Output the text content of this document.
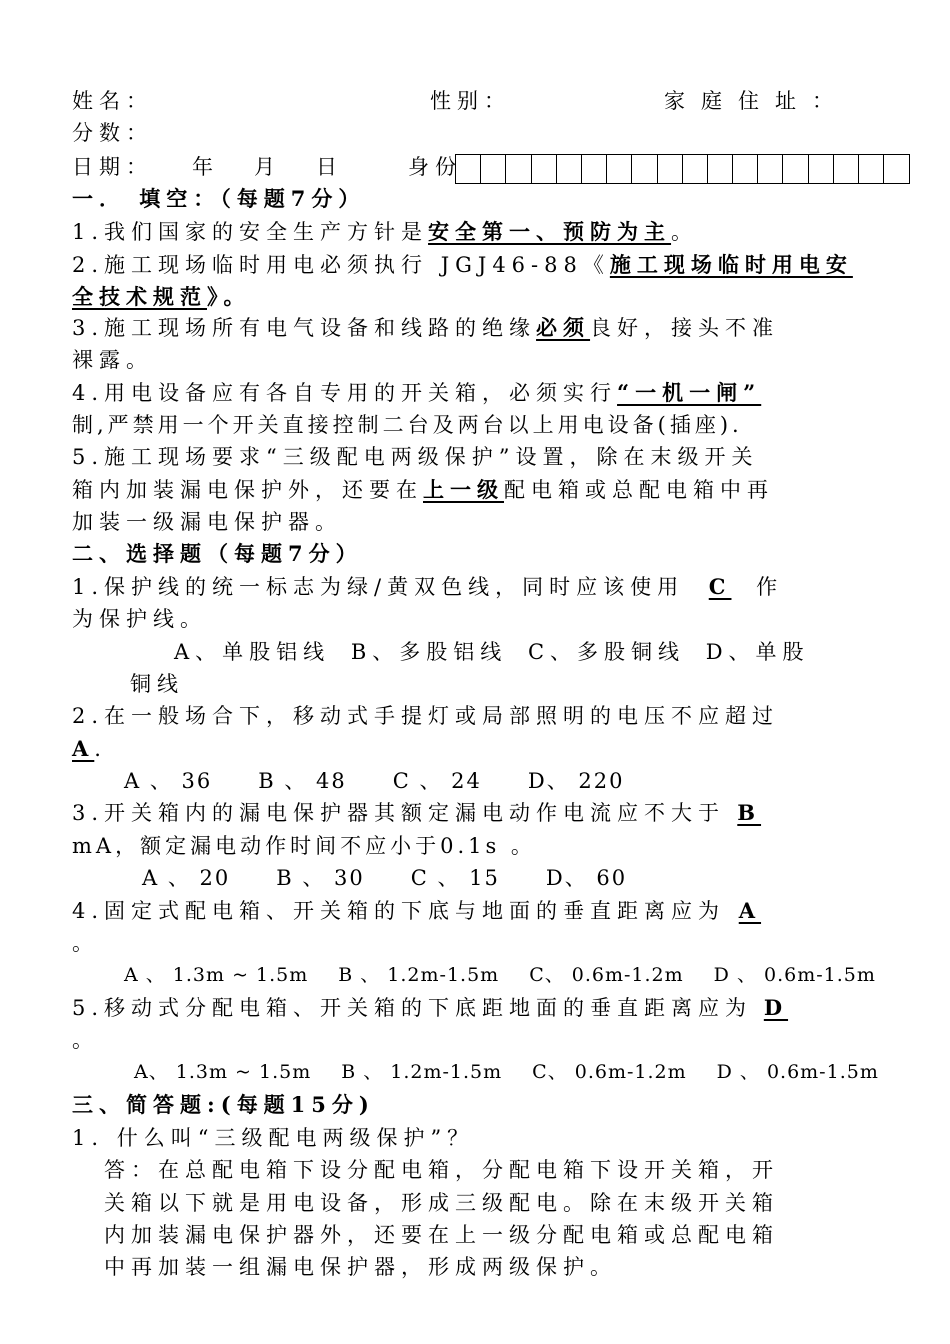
姓名：	性别：	家庭住址：
分数：
日期： 年 月 日	身份
一． 填空：（每题7分）
1.我们国家的安全生产方针是安全第一、预防为主。
2.施工现场临时用电必须执行 JGJ46-88《施工现场临时用电安
全技术规范》。
3.施工现场所有电气设备和线路的绝缘必须良好，接头不准
裸露。
4.用电设备应有各自专用的开关箱，必须实行“一机一闸”
制,严禁用一个开关直接控制二台及两台以上用电设备(插座).
5.施工现场要求“三级配电两级保护”设置，除在末级开关
箱内加装漏电保护外，还要在上一级配电箱或总配电箱中再
加装一级漏电保护器。
二、选择题（每题7分）
1.保护线的统一标志为绿/黄双色线，同时应该使用 C 作
为保护线。
A、单股铝线 B、多股铝线 C、多股铜线 D、单股
铜线
2.在一般场合下，移动式手提灯或局部照明的电压不应超过
A.
A 、 36 B 、 48 C 、 24 D、 220
3.开关箱内的漏电保护器其额定漏电动作电流应不大于 B
mA，额定漏电动作时间不应小于0.1s 。
A 、 20 B 、 30 C 、 15 D、 60
4.固定式配电箱、开关箱的下底与地面的垂直距离应为 A
。
A 、 1.3m ~ 1.5m B 、 1.2m-1.5m C、 0.6m-1.2m D 、 0.6m-1.5m
5.移动式分配电箱、开关箱的下底距地面的垂直距离应为 D
。
A、 1.3m ~ 1.5m B 、 1.2m-1.5m C、 0.6m-1.2m D 、 0.6m-1.5m
三、简答题:(每题15分)
1. 什么叫“三级配电两级保护”？
答：在总配电箱下设分配电箱，分配电箱下设开关箱，开
关箱以下就是用电设备，形成三级配电。除在末级开关箱
内加装漏电保护器外，还要在上一级分配电箱或总配电箱
中再加装一组漏电保护器，形成两级保护。
